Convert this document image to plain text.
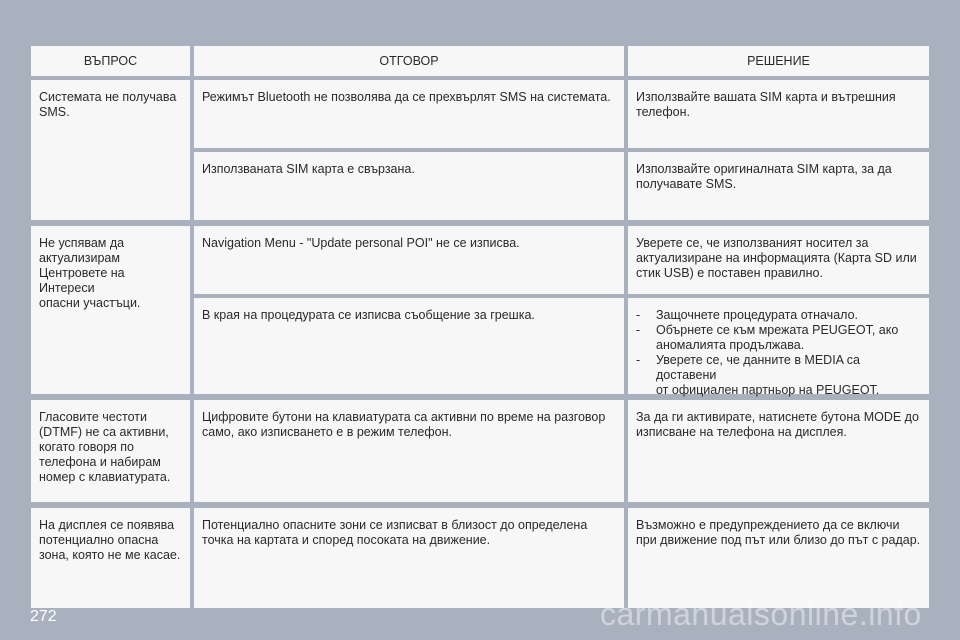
ВЪПРОС	ОТГОВОР	РЕШЕНИЕ
Системата не получава
SMS.
Режимът Bluetooth не позволява да се прехвърлят SMS на системата.	Използвайте вашата SIM карта и вътрешния
телефон.
Използваната SIM карта е свързана.	Използвайте оригиналната SIM карта, за да
получавате SMS.
Не успявам да
актуализирам
Центровете на Интереси
опасни участъци.
Navigation Menu - "Update personal POI" не се изписва.	Уверете се, че използваният носител за
актуализиране на информацията (Карта SD или
стик USB) е поставен правилно.
В края на процедурата се изписва съобщение за грешка.
-	Защочнете процедурата отначало.
- Обърнете се към мрежата PEUGEOT, ако
аномалията продължава.
- Уверете се, че данните в MEDIA са доставени
от официален партньор на PEUGEOT.
Гласовите честоти
(DTMF) не са активни,
когато говоря по
телефона и набирам
номер с клавиатурата.
Цифровите бутони на клавиатурата са активни по време на разговор
само, ако изписването е в режим телефон.
За да ги активирате, натиснете бутона MODE до
изписване на телефона на дисплея.
На дисплея се появява
потенциално опасна
зона, която не ме касае.
Потенциално опасните зони се изписват в близост до определена
точка на картата и според посоката на движение.
Възможно е предупреждението да се включи
при движение под път или близо до път с радар.
272	carmanualsonline.info
